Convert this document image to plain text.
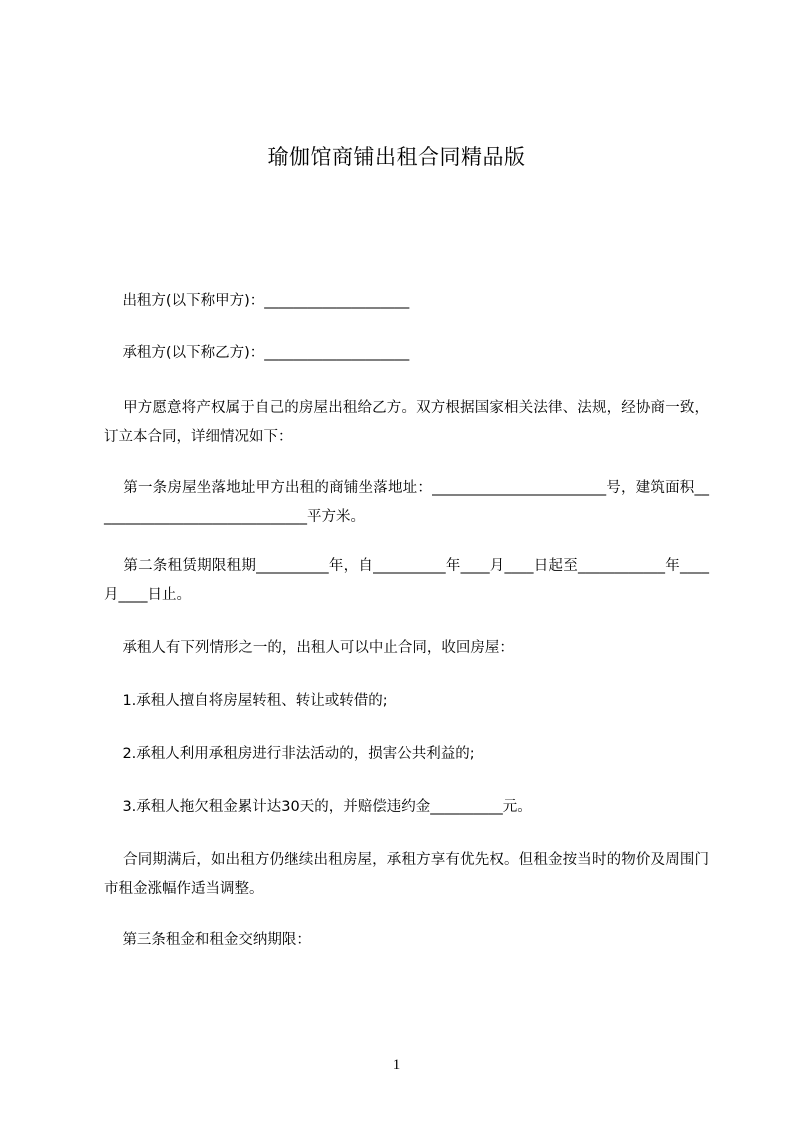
瑜伽馆商铺出租合同精品版
出租方(以下称甲方)：____________________
承租方(以下称乙方)：____________________
甲方愿意将产权属于自己的房屋出租给乙方。双方根据国家相关法律、法规，经协商一致，订立本合同，详细情况如下：
第一条房屋坐落地址甲方出租的商铺坐落地址：________________________号，建筑面积______________________________平方米。
第二条租赁期限租期__________年，自__________年____月____日起至____________年____月____日止。
承租人有下列情形之一的，出租人可以中止合同，收回房屋：
1.承租人擅自将房屋转租、转让或转借的;
2.承租人利用承租房进行非法活动的，损害公共利益的;
3.承租人拖欠租金累计达30天的，并赔偿违约金__________元。
合同期满后，如出租方仍继续出租房屋，承租方享有优先权。但租金按当时的物价及周围门市租金涨幅作适当调整。
第三条租金和租金交纳期限：
1
